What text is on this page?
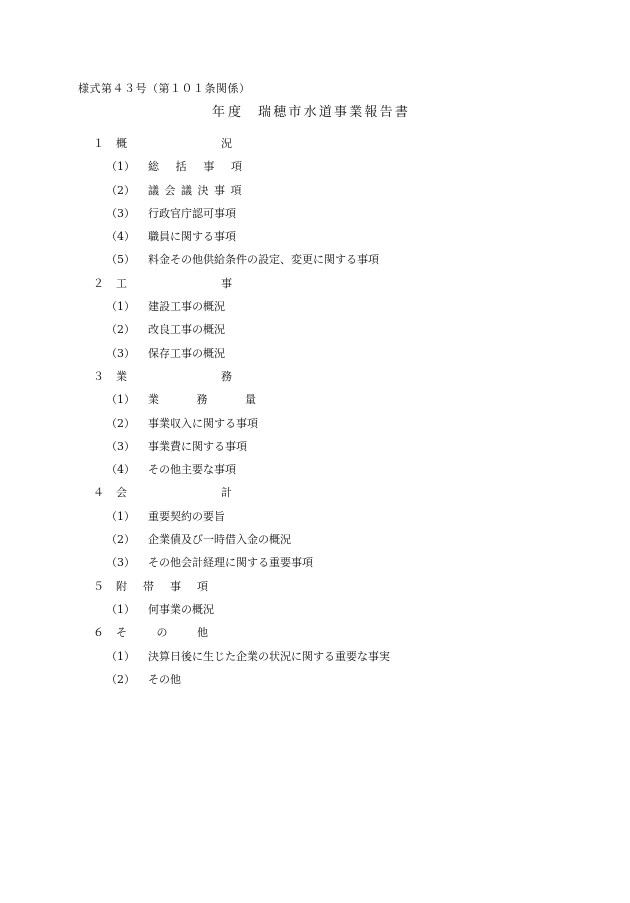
様式第４３号（第１０１条関係）
年度 瑞穂市水道事業報告書
１ 概	況
（1） 総 括 事 項
（2） 議会議決事項
（3） 行政官庁認可事項
（4） 職員に関する事項
（5） 料金その他供給条件の設定、変更に関する事項
２ 工	事
（1） 建設工事の概況
（2） 改良工事の概況
（3） 保存工事の概況
３ 業	務
（1） 業	務	量
（2） 事業収入に関する事項
（3） 事業費に関する事項
（4） その他主要な事項
４ 会	計
（1） 重要契約の要旨
（2） 企業債及び一時借入金の概況
（3） その他会計経理に関する重要事項
５ 附 帯 事 項
（1） 何事業の概況
６ そ	の	他
（1） 決算日後に生じた企業の状況に関する重要な事実
（2） その他
